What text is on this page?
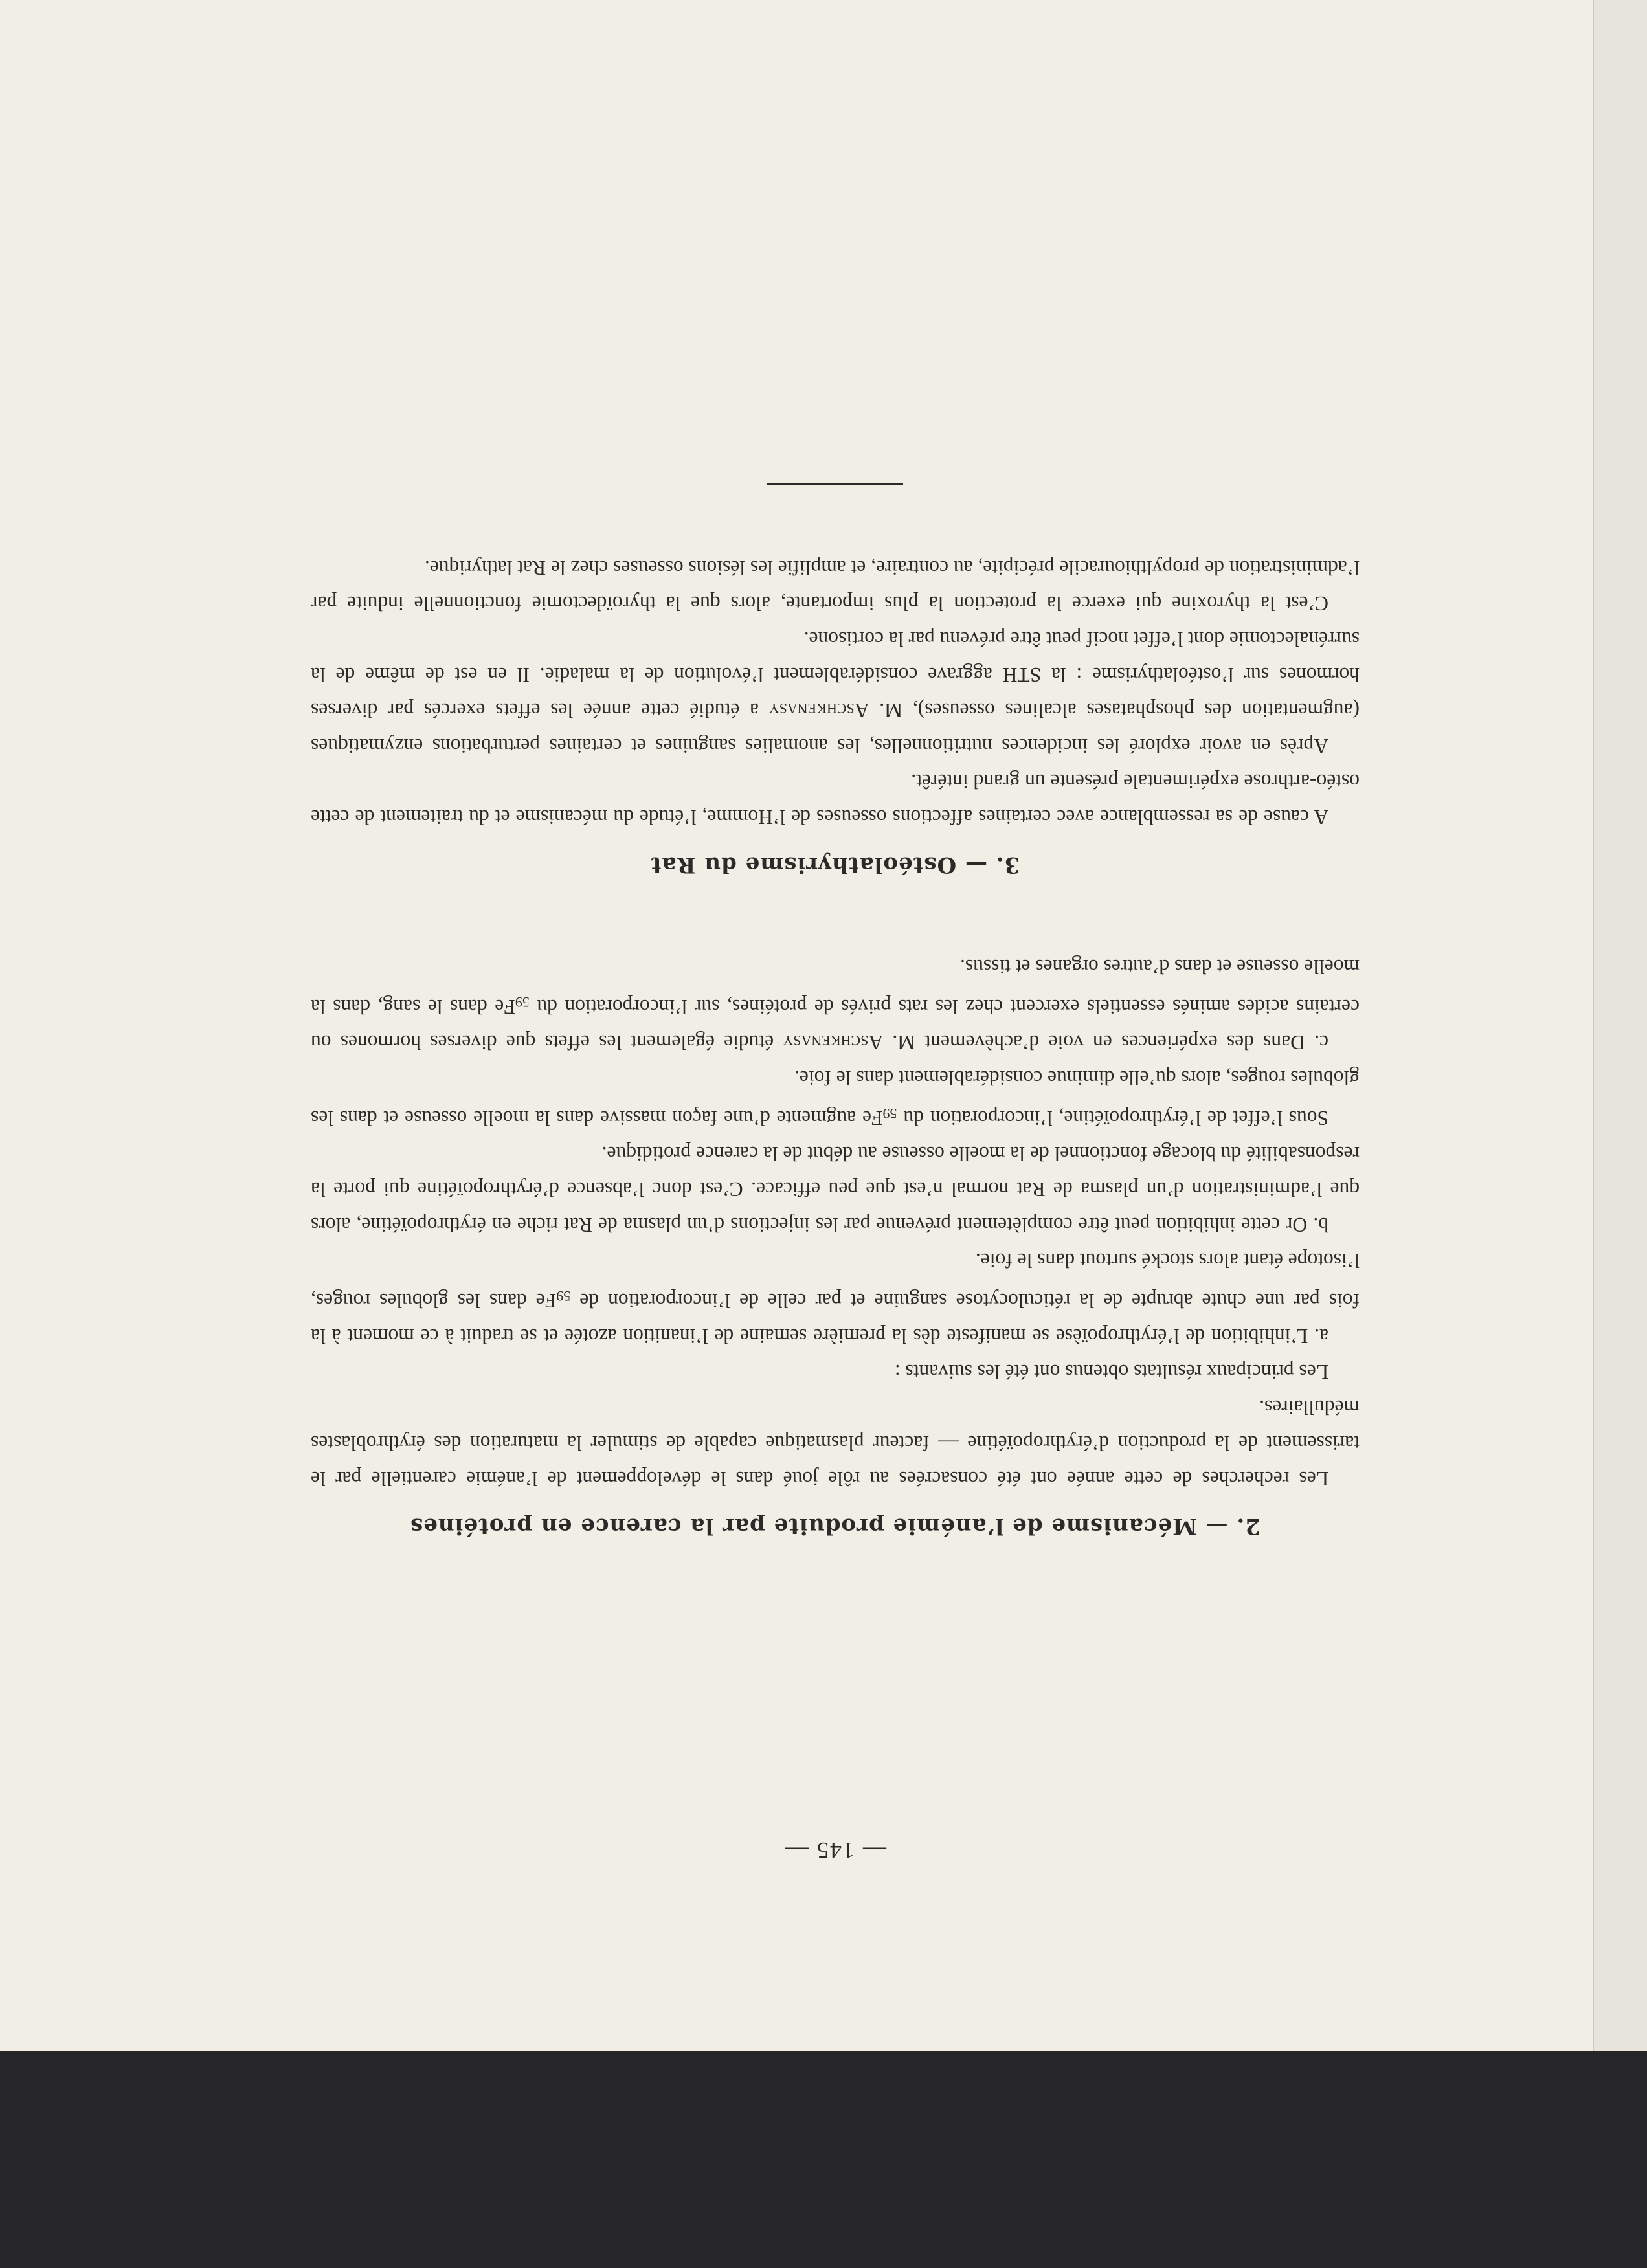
— 145 —
2. — Mécanisme de l’anémie produite par la carence en protéines

Les recherches de cette année ont été consacrées au rôle joué dans le développement de l’anémie carentielle par le tarissement de la production d’érythropoïétine — facteur plasmatique capable de stimuler la maturation des érythroblastes médullaires.

Les principaux résultats obtenus ont été les suivants :

a. L’inhibition de l’érythropoïèse se manifeste dès la première semaine de l’inanition azotée et se traduit à ce moment à la fois par une chute abrupte de la réticulocytose sanguine et par celle de l’incorporation de 59Fe dans les globules rouges, l’isotope étant alors stocké surtout dans le foie.

b. Or cette inhibition peut être complètement prévenue par les injections d’un plasma de Rat riche en érythropoïétine, alors que l’administration d’un plasma de Rat normal n’est que peu efficace. C’est donc l’absence d’érythropoïétine qui porte la responsabilité du blocage fonctionnel de la moelle osseuse au début de la carence protidique.

Sous l’effet de l’érythropoïétine, l’incorporation du 59Fe augmente d’une façon massive dans la moelle osseuse et dans les globules rouges, alors qu’elle diminue considérablement dans le foie.

c. Dans des expériences en voie d’achèvement M. Aschkenasy étudie également les effets que diverses hormones ou certains acides aminés essentiels exercent chez les rats privés de protéines, sur l’incorporation du 59Fe dans le sang, dans la moelle osseuse et dans d’autres organes et tissus.

3. — Ostéolathyrisme du Rat

A cause de sa ressemblance avec certaines affections osseuses de l’Homme, l’étude du mécanisme et du traitement de cette ostéo-arthrose expérimentale présente un grand intérêt.

Après en avoir exploré les incidences nutritionnelles, les anomalies sanguines et certaines perturbations enzymatiques (augmentation des phosphatases alcalines osseuses), M. Aschkenasy a étudié cette année les effets exercés par diverses hormones sur l’ostéolathyrisme : la STH aggrave considérablement l’évolution de la maladie. Il en est de même de la surrénalectomie dont l’effet nocif peut être prévenu par la cortisone.

C’est la thyroxine qui exerce la protection la plus importante, alors que la thyroïdectomie fonctionnelle induite par l’administration de propylthiouracile précipite, au contraire, et amplifie les lésions osseuses chez le Rat lathyrique.
